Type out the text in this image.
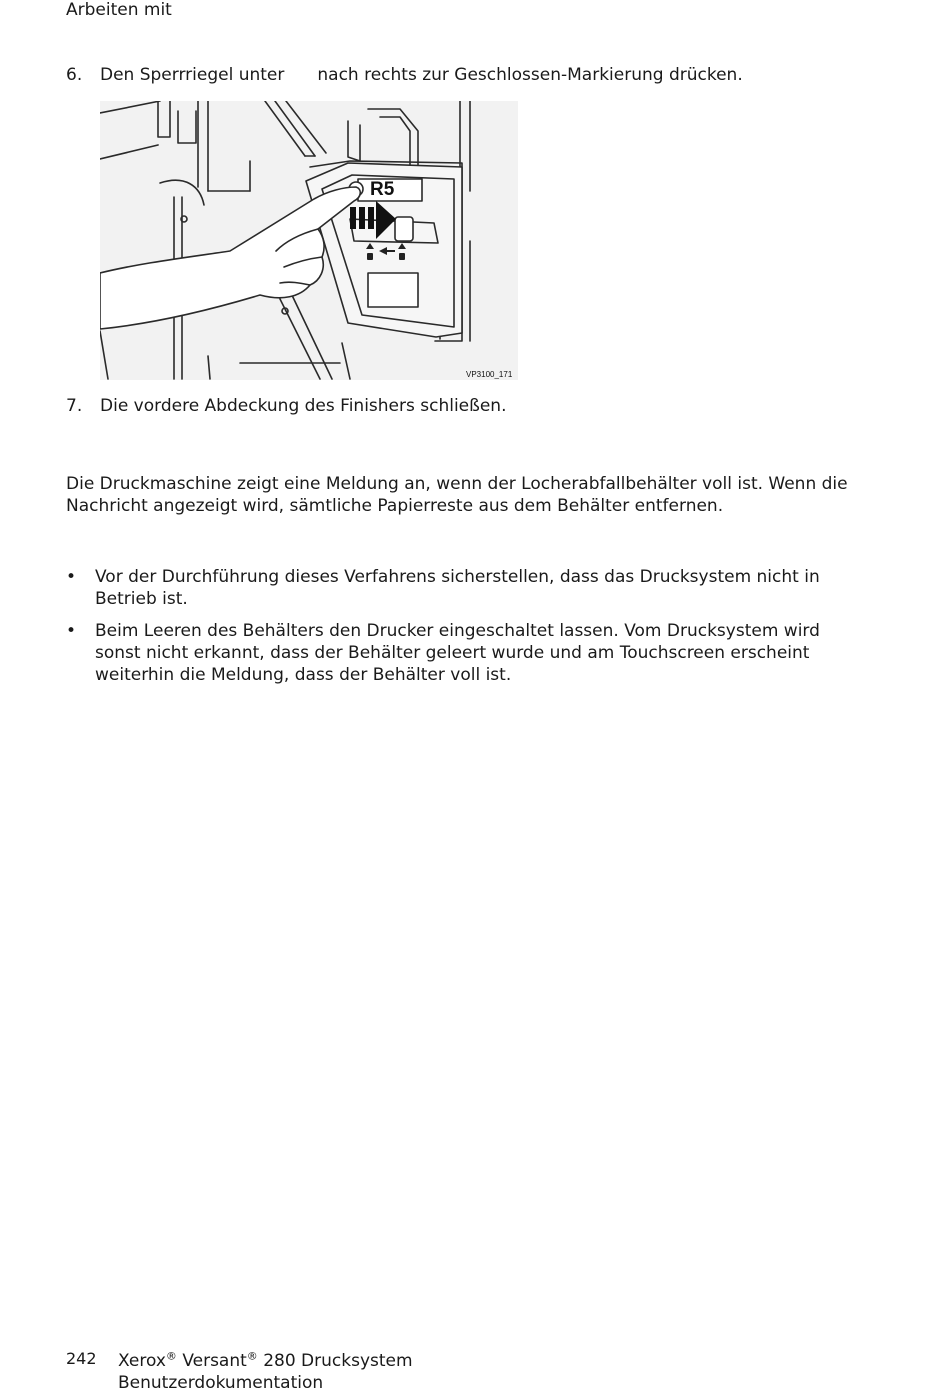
Arbeiten mit
6.	Den Sperrriegel unter nach rechts zur Geschlossen-Markierung drücken.
R5
VP3100_171
7.	Die vordere Abdeckung des Finishers schließen.
Die Druckmaschine zeigt eine Meldung an, wenn der Locherabfallbehälter voll ist. Wenn die Nachricht angezeigt wird, sämtliche Papierreste aus dem Behälter entfernen.
• Vor der Durchführung dieses Verfahrens sicherstellen, dass das Drucksystem nicht in Betrieb ist.
• Beim Leeren des Behälters den Drucker eingeschaltet lassen. Vom Drucksystem wird sonst nicht erkannt, dass der Behälter geleert wurde und am Touchscreen erscheint weiterhin die Meldung, dass der Behälter voll ist.
242 Xerox® Versant® 280 Drucksystem
Benutzerdokumentation
